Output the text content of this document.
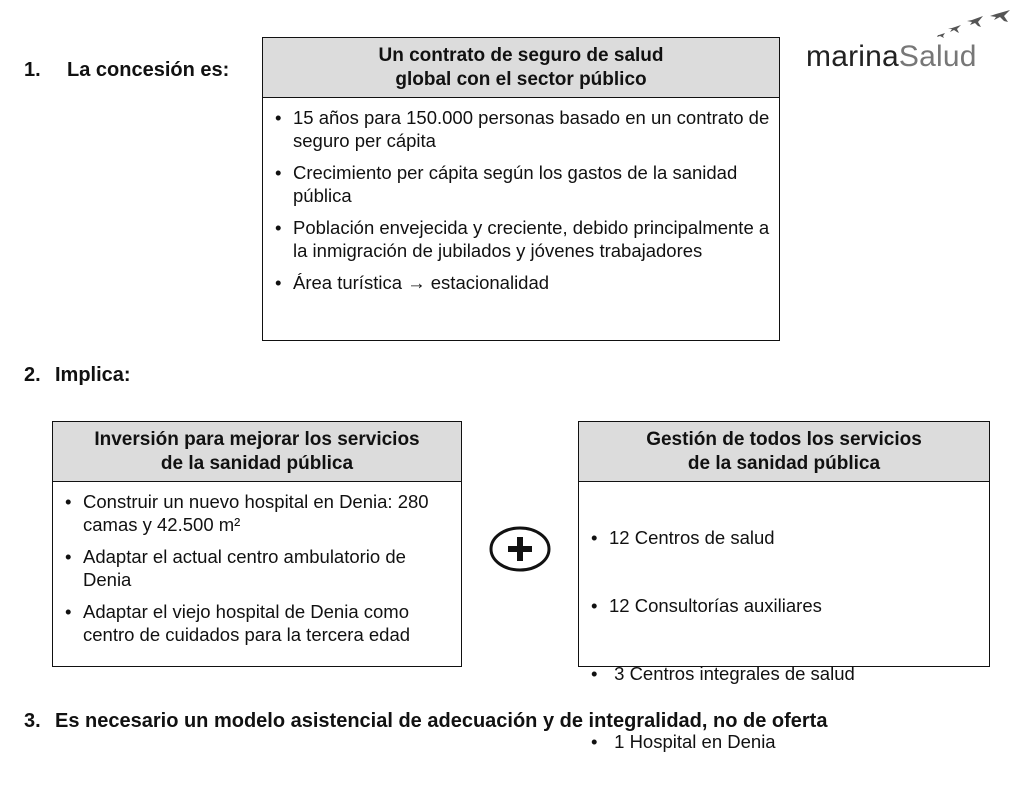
marinaSalud
1. La concesión es:
Un contrato de seguro de salud
global con el sector público
• 15 años para 150.000 personas basado en un contrato de seguro per cápita
• Crecimiento per cápita según los gastos de la sanidad pública
• Población envejecida y creciente, debido principalmente a la inmigración de jubilados y jóvenes trabajadores
• Área turística → estacionalidad
2. Implica:
Inversión para mejorar los servicios
de la sanidad pública
• Construir un nuevo hospital en Denia: 280 camas y 42.500 m²
• Adaptar el actual centro ambulatorio de Denia
• Adaptar el viejo hospital de Denia como centro de cuidados para la tercera edad
Gestión de todos los servicios
de la sanidad pública

• 12 Centros de salud

• 12 Consultorías auxiliares

•  3 Centros integrales de salud

•  1 Hospital en Denia

3. Es necesario un modelo asistencial de adecuación y de integralidad, no de oferta
